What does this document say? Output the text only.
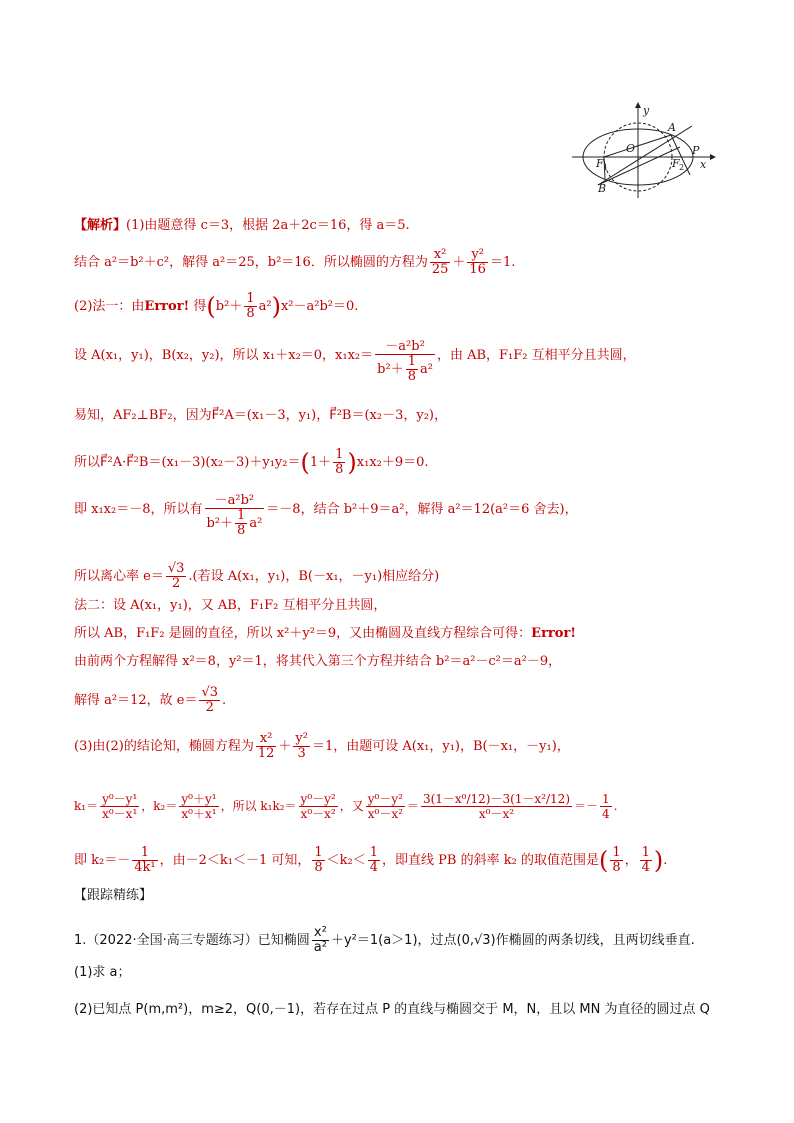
y
x
O
A
P
F 1	F 2
B
【解析】(1)由题意得 c＝3，根据 2a＋2c＝16，得 a＝5.
结合 a²＝b²＋c²，解得 a²＝25，b²＝16．所以椭圆的方程为 $\frac{\text{x²}}{25} + \frac{\text{y²}}{16} =1$.
(2)法一：由Error! 得$(b^2+ \frac{1}{8} a^2)x^2-a^2b^2=0$.
设 A(x₁，y₁)，B(x₂，y₂)，所以 x₁＋x₂＝0，$x_1x_2= \frac{\text{－a²b²}}{b^2+ \frac{1}{8} a^2}$ ，由 AB，F₁F₂ 互相平分且共圆，
易知，AF₂⊥BF₂，因为F⃗²A＝(x₁－3，y₁)，F⃗²B＝(x₂－3，y₂)，
所以F⃗²A·F⃗²B＝(x₁－3)(x₂－3)＋y₁y₂＝(1＋ $\frac{1}{8} )x_1x_2+9=0$.
即 x₁x₂＝－8，所以有 $\frac{\text{－a²b²}}{b^2+ \frac{1}{8} a^2} =-8$，结合 b²＋9＝a²，解得 a²＝12(a²＝6 舍去)，
所以离心率 $e= \frac{√3}{2}$ .(若设 A(x₁，y₁)，B(－x₁，－y₁)相应给分)
法二：设 A(x₁，y₁)，又 AB，F₁F₂ 互相平分且共圆，
所以 AB，F₁F₂ 是圆的直径，所以 x²＋y²＝9，又由椭圆及直线方程综合可得：Error!
由前两个方程解得 x²＝8，y²＝1，将其代入第三个方程并结合 b²＝a²－c²＝a²－9，
解得 a²＝12，故 $e= \frac{√3}{2}$ .
(3)由(2)的结论知，椭圆方程为 $\frac{\text{x²}}{12} + \frac{\text{y²}}{3} =1$，由题可设 A(x₁，y₁)，B(－x₁，－y₁)，
$k_1= \frac{\text{y⁰－y¹}}{\text{x⁰－x¹}}$ ，$k_2= \frac{\text{y⁰＋y¹}}{\text{x⁰＋x¹}}$ ，所以 $k_1k_2= \frac{\text{y⁰－y²}}{\text{x⁰－x²}}$ ，又 $\frac{\text{y⁰－y²}}{\text{x⁰－x²}} = \frac{\text{3(1－x⁰/12)－3(1－x²/12)}}{\text{x⁰－x²}} =- \frac{1}{4}$ .
即 $k_2=- \frac{1}{\text{4k¹}}$ ，由－2＜k₁＜－1 可知， $\frac{1}{8} <k_2< \frac{1}{4}$ ，即直线 PB 的斜率 k₂ 的取值范围是( $\frac{1}{8}$ ， $\frac{1}{4}$ ).
【跟踪精练】
1.（2022·全国·高三专题练习）已知椭圆 $\frac{\text{x²}}{\text{a²}} +y^2=1(a>1)$，过点(0,√3)作椭圆的两条切线，且两切线垂直.
(1)求 a；
(2)已知点 P(m,m²)，m≥2，Q(0,－1)，若存在过点 P 的直线与椭圆交于 M，N，且以 MN 为直径的圆过点 Q
